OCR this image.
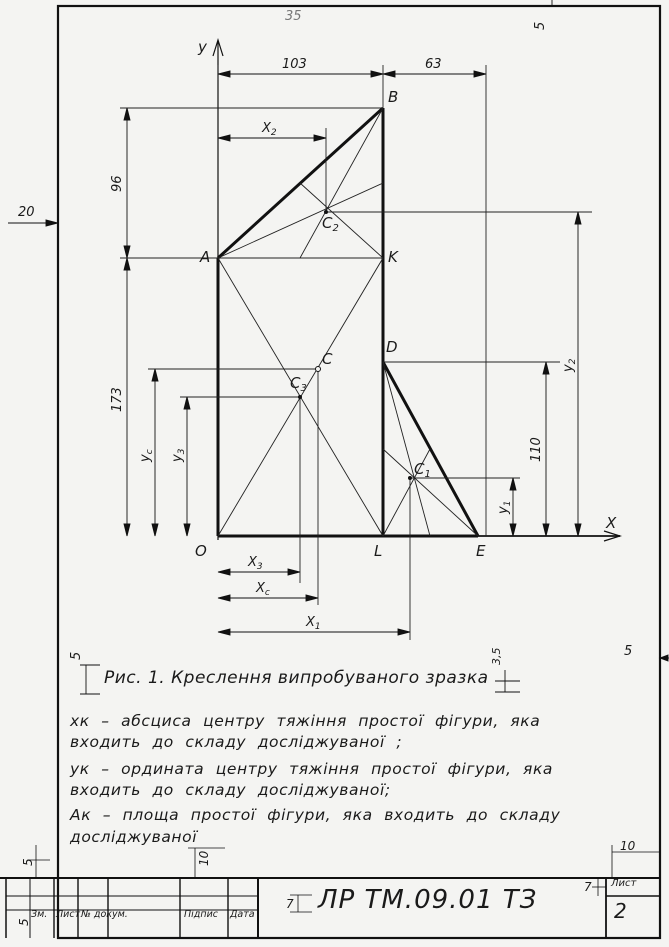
A
B
K
D
O	L	E
C
$C_1$
$C_2$
$C_3$
y
X
103	63
$X_2$
96
173
$y_c$
$y_3$
$y_1$
110
$y_2$
$X_3$
$X_c$
$X_1$
20
35
5
5
5	3,5
5
5
10
10
7
7
Рис. 1. Креслення випробуваного зразка
xк – абсциса центру тяжіння простої фігури, яка
входить до складу досліджуваної ;
yк – ордината центру тяжіння простої фігури, яка
входить до складу досліджуваної;
Aк – площа простої фігури, яка входить до складу
досліджуваної
Зм. Лист № докум.	Підпис Дата ЛР ТМ.09.01 ТЗ
Лист
2
